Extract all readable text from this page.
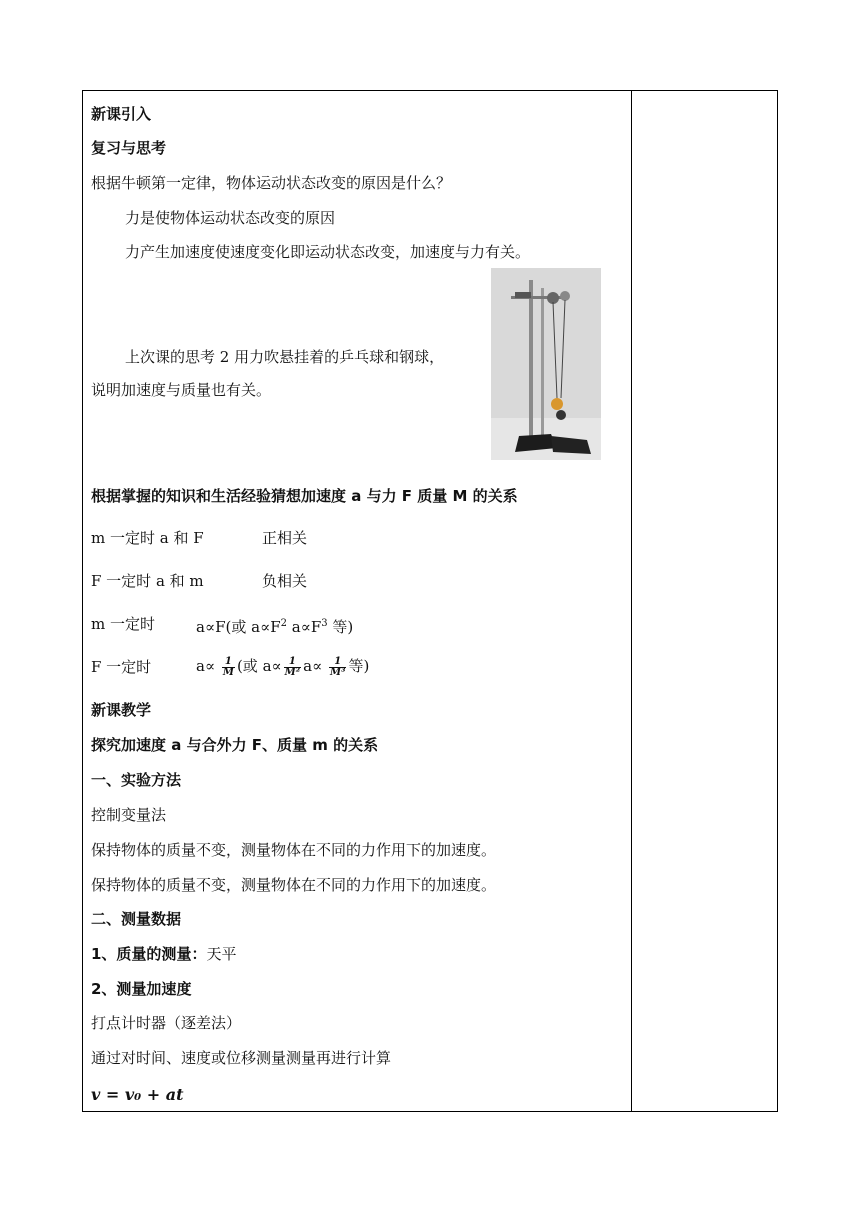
新课引入
复习与思考
根据牛顿第一定律，物体运动状态改变的原因是什么？
力是使物体运动状态改变的原因
力产生加速度使速度变化即运动状态改变，加速度与力有关。
上次课的思考 2 用力吹悬挂着的乒乓球和钢球，
说明加速度与质量也有关。
根据掌握的知识和生活经验猜想加速度 a 与力 F 质量 M 的关系
m 一定时 a 和 F	正相关
F 一定时 a 和 m	负相关
m 一定时	a∝F(或 $a\propto F^2$ $a\propto F^3$ 等)
F 一定时	$a\propto \frac{1}{M}$ (或 $a\propto \frac{1}{\text{M²}} a\propto \frac{1}{\text{M³}}$ 等)
新课教学
探究加速度 a 与合外力 F、质量 m 的关系
一、实验方法
控制变量法
保持物体的质量不变，测量物体在不同的力作用下的加速度。
保持物体的质量不变，测量物体在不同的力作用下的加速度。
二、测量数据
1、质量的测量：天平
2、测量加速度
打点计时器（逐差法）
通过对时间、速度或位移测量测量再进行计算
v = v₀ + at
